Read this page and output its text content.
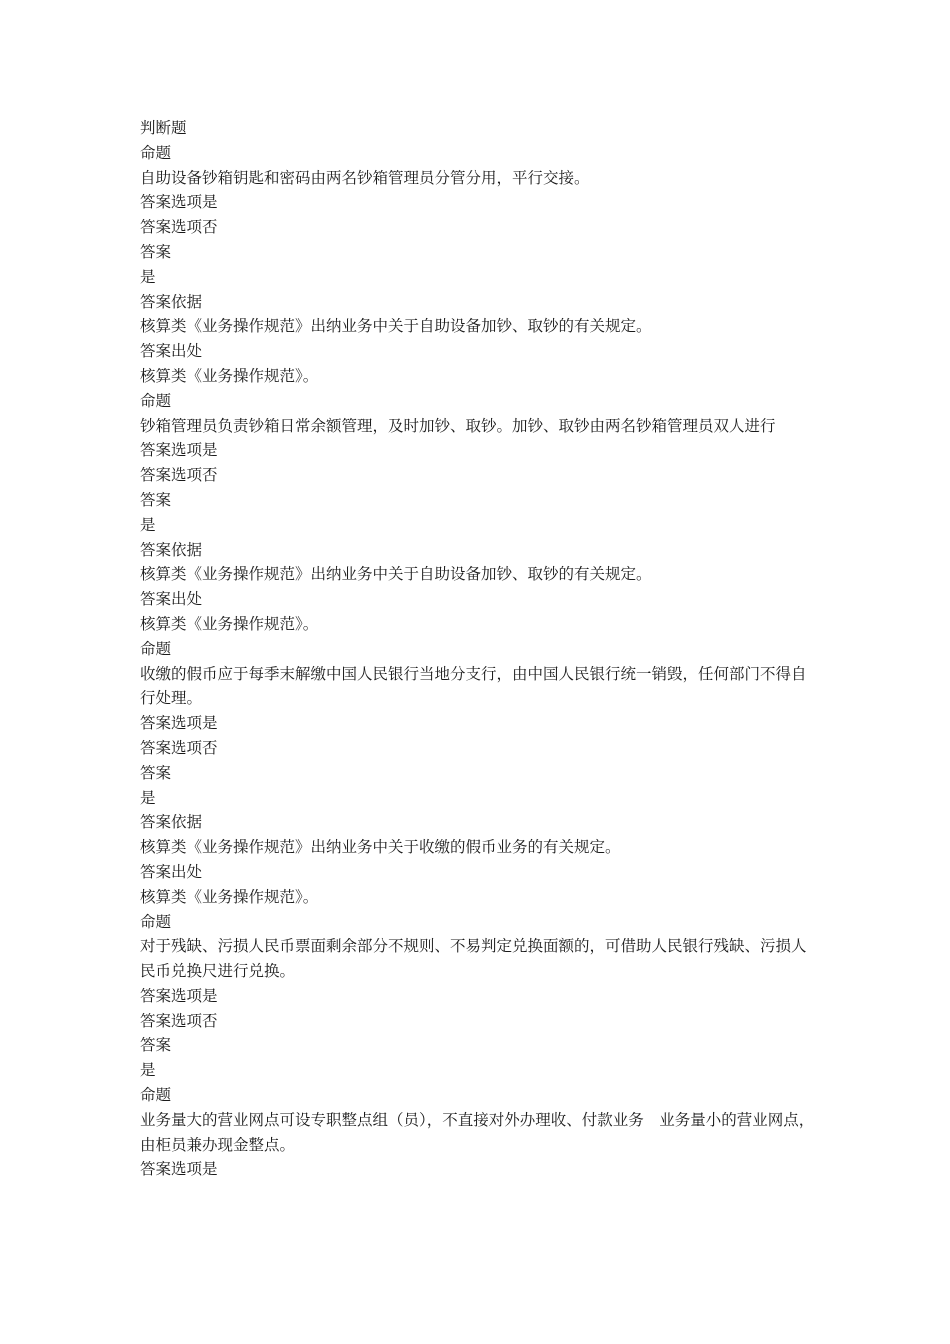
判断题
命题
自助设备钞箱钥匙和密码由两名钞箱管理员分管分用，平行交接。
答案选项是
答案选项否
答案
是
答案依据
核算类《业务操作规范》出纳业务中关于自助设备加钞、取钞的有关规定。
答案出处
核算类《业务操作规范》。
命题
钞箱管理员负责钞箱日常余额管理，及时加钞、取钞。加钞、取钞由两名钞箱管理员双人进行
答案选项是
答案选项否
答案
是
答案依据
核算类《业务操作规范》出纳业务中关于自助设备加钞、取钞的有关规定。
答案出处
核算类《业务操作规范》。
命题
收缴的假币应于每季末解缴中国人民银行当地分支行，由中国人民银行统一销毁，任何部门不得自行处理。
答案选项是
答案选项否
答案
是
答案依据
核算类《业务操作规范》出纳业务中关于收缴的假币业务的有关规定。
答案出处
核算类《业务操作规范》。
命题
对于残缺、污损人民币票面剩余部分不规则、不易判定兑换面额的，可借助人民银行残缺、污损人民币兑换尺进行兑换。
答案选项是
答案选项否
答案
是
命题
业务量大的营业网点可设专职整点组（员），不直接对外办理收、付款业务　业务量小的营业网点，由柜员兼办现金整点。
答案选项是
